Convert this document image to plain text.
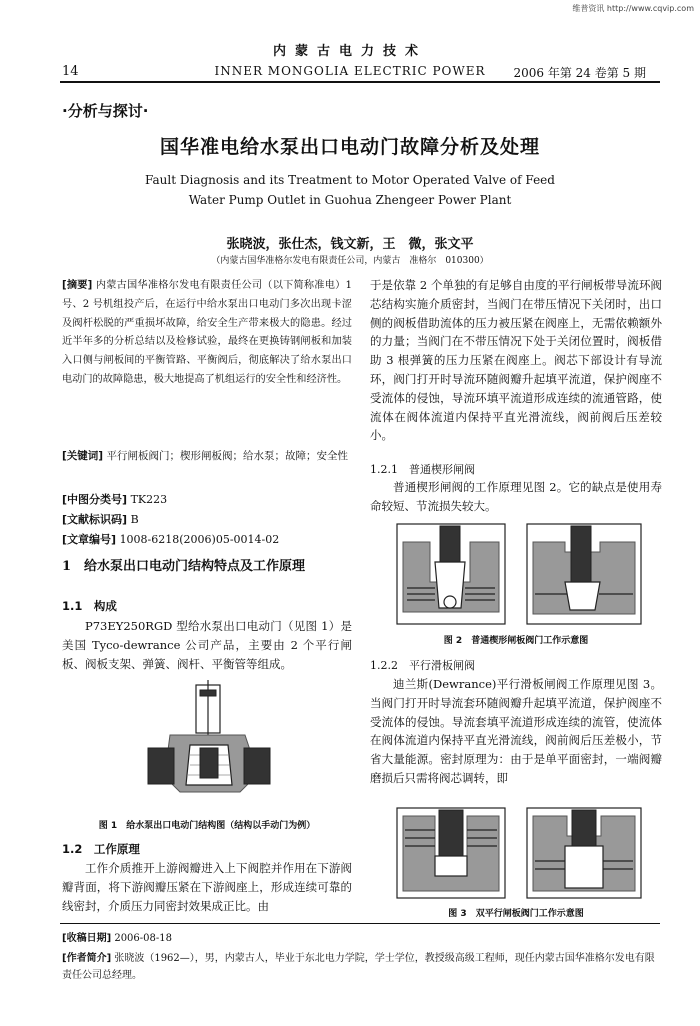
维普资讯 http://www.cqvip.com
内蒙古电力技术
14	INNER MONGOLIA ELECTRIC POWER	2006 年第 24 卷第 5 期
·分析与探讨·
国华准电给水泵出口电动门故障分析及处理
Fault Diagnosis and its Treatment to Motor Operated Valve of Feed
Water Pump Outlet in Guohua Zhengeer Power Plant
张晓波，张仕杰，钱文新，王　微，张文平
（内蒙古国华准格尔发电有限责任公司，内蒙古　准格尔　010300）
[摘要] 内蒙古国华准格尔发电有限责任公司（以下简称准电）1 号、2 号机组投产后，在运行中给水泵出口电动门多次出现卡涩及阀杆松脱的严重损坏故障，给安全生产带来极大的隐患。经过近半年多的分析总结以及检修试验，最终在更换铸钢闸板和加装入口侧与闸板间的平衡管路、平衡阀后，彻底解决了给水泵出口电动门的故障隐患，极大地提高了机组运行的安全性和经济性。
[关键词] 平行闸板阀门；楔形闸板阀；给水泵；故障；安全性
[中图分类号] TK223
[文献标识码] B
[文章编号] 1008-6218(2006)05-0014-02
1　给水泵出口电动门结构特点及工作原理
1.1　构成

P73EY250RGD 型给水泵出口电动门（见图 1）是美国 Tyco-dewrance 公司产品，主要由 2 个平行闸板、阀板支架、弹簧、阀杆、平衡管等组成。

图 1　给水泵出口电动门结构图（结构以手动门为例）
1.2　工作原理

工作介质推开上游阀瓣进入上下阀腔并作用在下游阀瓣背面，将下游阀瓣压紧在下游阀座上，形成连续可靠的线密封，介质压力同密封效果成正比。由

于是依靠 2 个单独的有足够自由度的平行闸板带导流环阀芯结构实施介质密封，当阀门在带压情况下关闭时，出口侧的阀板借助流体的压力被压紧在阀座上，无需依赖额外的力量；当阀门在不带压情况下处于关闭位置时，阀板借助 3 根弹簧的压力压紧在阀座上。阀芯下部设计有导流环，阀门打开时导流环随阀瓣升起填平流道，保护阀座不受流体的侵蚀，导流环填平流道形成连续的流通管路，使流体在阀体流道内保持平直光滑流线，阀前阀后压差较小。

1.2.1　普通楔形闸阀

普通楔形闸阀的工作原理见图 2。它的缺点是使用寿命较短、节流损失较大。

图 2　普通楔形闸板阀门工作示意图
1.2.2　平行滑板闸阀

迪兰斯(Dewrance)平行滑板闸阀工作原理见图 3。当阀门打开时导流套环随阀瓣升起填平流道，保护阀座不受流体的侵蚀。导流套填平流道形成连续的流管，使流体在阀体流道内保持平直光滑流线，阀前阀后压差极小，节省大量能源。密封原理为：由于是单平面密封，一端阀瓣磨损后只需将阀芯调转，即

图 3　双平行闸板阀门工作示意图
[收稿日期] 2006-08-18
[作者简介] 张晓波（1962—），男，内蒙古人，毕业于东北电力学院，学士学位，教授级高级工程师，现任内蒙古国华准格尔发电有限责任公司总经理。
